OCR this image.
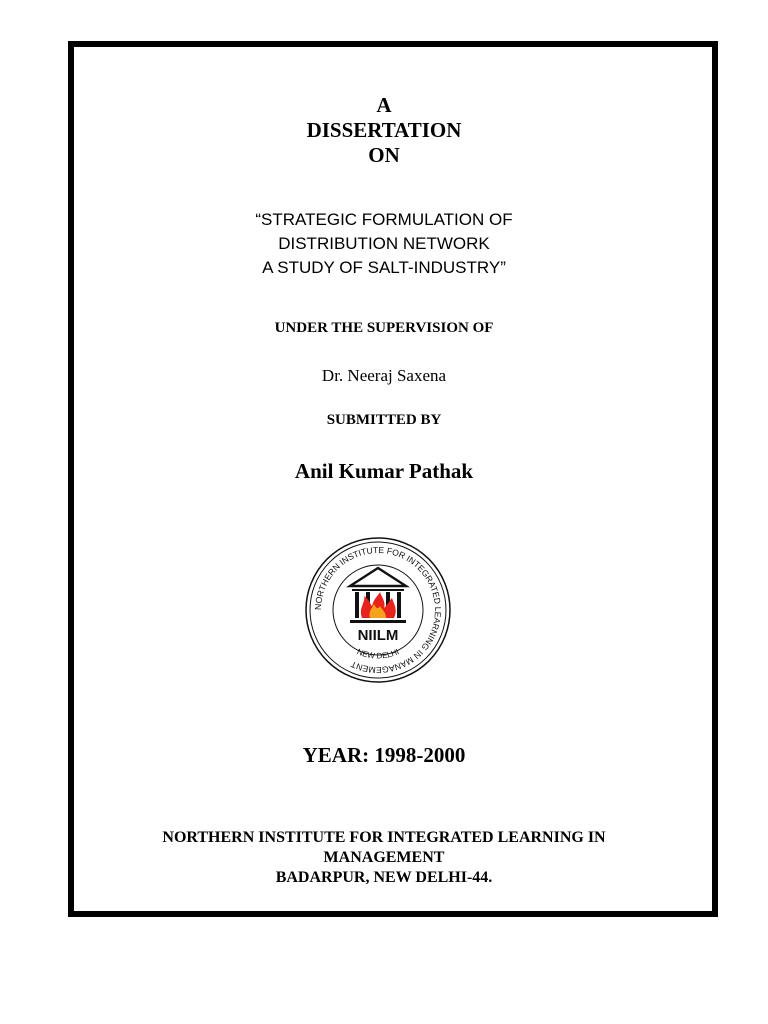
A
DISSERTATION
ON
“STRATEGIC FORMULATION OF
DISTRIBUTION NETWORK
A STUDY OF SALT-INDUSTRY”
UNDER THE SUPERVISION OF
Dr. Neeraj Saxena
SUBMITTED BY
Anil Kumar Pathak
NORTHERN INSTITUTE FOR INTEGRATED LEARNING IN MANAGEMENT
NEW DELHI
NIILM
YEAR: 1998-2000
NORTHERN INSTITUTE FOR INTEGRATED LEARNING IN
MANAGEMENT
BADARPUR, NEW DELHI-44.
